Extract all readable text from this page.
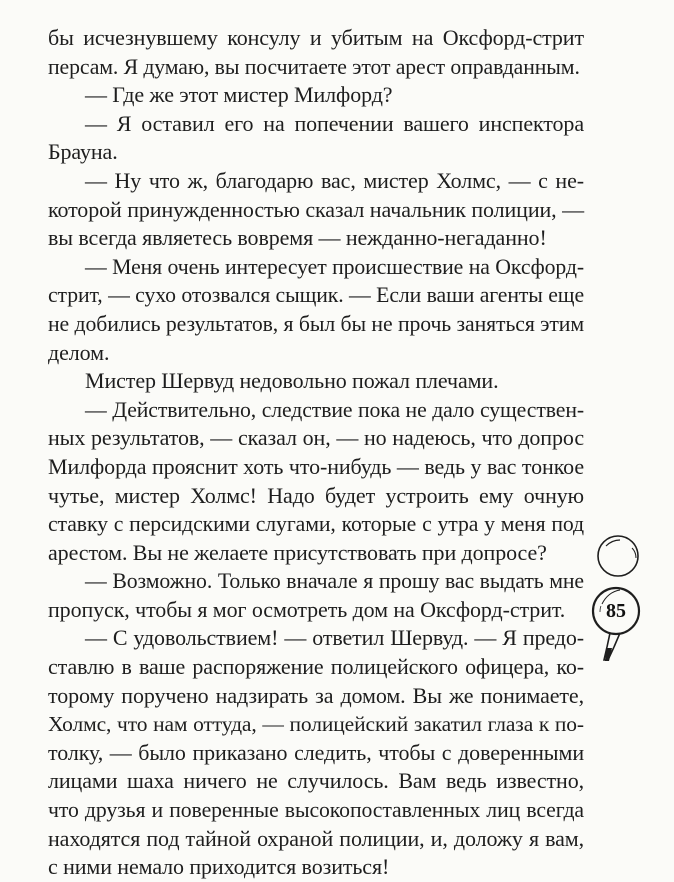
бы исчезнувшему консулу и убитым на Оксфорд-стрит
персам. Я думаю, вы посчитаете этот арест оправданным.
— Где же этот мистер Милфорд?
— Я оставил его на попечении вашего инспектора
Брауна.
— Ну что ж, благодарю вас, мистер Холмс, — с не-
которой принужденностью сказал начальник полиции, —
вы всегда являетесь вовремя — нежданно-негаданно!
— Меня очень интересует происшествие на Оксфорд-
стрит, — сухо отозвался сыщик. — Если ваши агенты еще
не добились результатов, я был бы не прочь заняться этим
делом.
Мистер Шервуд недовольно пожал плечами.
— Действительно, следствие пока не дало существен-
ных результатов, — сказал он, — но надеюсь, что допрос
Милфорда прояснит хоть что-нибудь — ведь у вас тонкое
чутье, мистер Холмс! Надо будет устроить ему очную
ставку с персидскими слугами, которые с утра у меня под
арестом. Вы не желаете присутствовать при допросе?
— Возможно. Только вначале я прошу вас выдать мне
пропуск, чтобы я мог осмотреть дом на Оксфорд-стрит.
— С удовольствием! — ответил Шервуд. — Я предо-
ставлю в ваше распоряжение полицейского офицера, ко-
торому поручено надзирать за домом. Вы же понимаете,
Холмс, что нам оттуда, — полицейский закатил глаза к по-
толку, — было приказано следить, чтобы с доверенными
лицами шаха ничего не случилось. Вам ведь известно,
что друзья и поверенные высокопоставленных лиц всегда
находятся под тайной охраной полиции, и, доложу я вам,
с ними немало приходится возиться!
85
